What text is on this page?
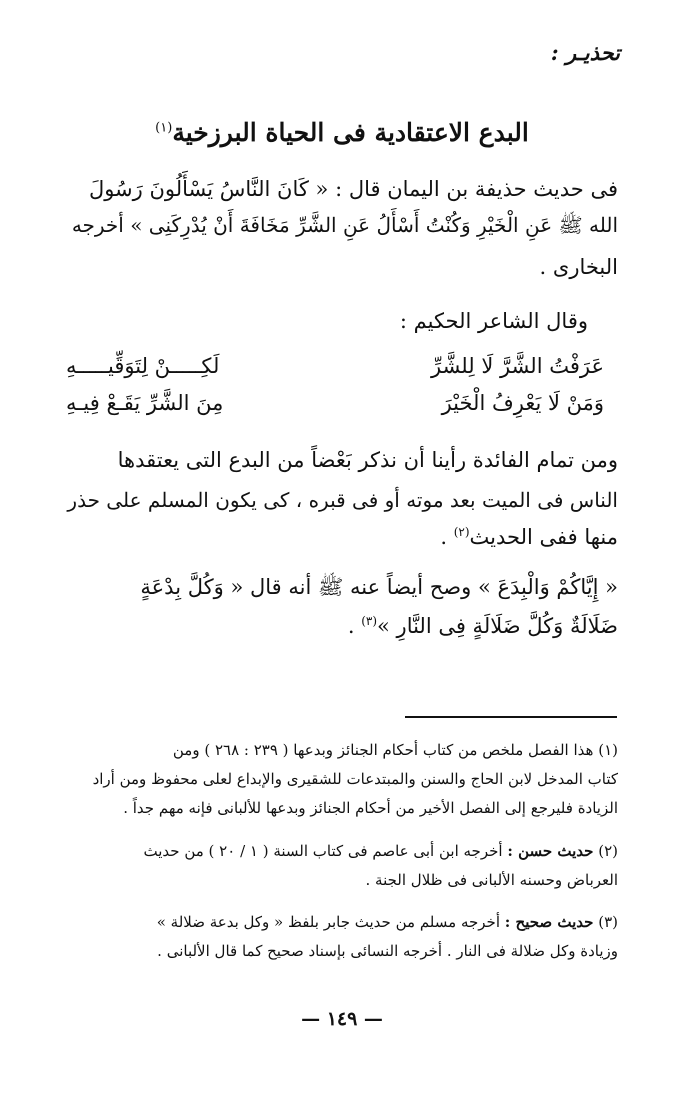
تحذيـر :
البدع الاعتقادية فى الحياة البرزخية$^{(١)}$
فى حديث حذيفة بن اليمان قال : « كَانَ النَّاسُ يَسْأَلُونَ رَسُولَ
الله ﷺ عَنِ الْخَيْرِ وَكُنْتُ أَسْأَلُ عَنِ الشَّرِّ مَخَافَةَ أَنْ يُدْرِكَنِى » أخرجه
البخارى .
وقال الشاعر الحكيم :
عَرَفْتُ الشَّرَّ لَا لِلشَّرِّ
لَكِـــــنْ لِتَوَقِّيـــــهِ
وَمَنْ لَا يَعْرِفُ الْخَيْرَ
مِنَ الشَّرِّ يَقَـعْ فِيـهِ
ومن تمام الفائدة رأينا أن نذكر بَعْضاً من البدع التى يعتقدها
الناس فى الميت بعد موته أو فى قبره ، كى يكون المسلم على حذر
منها ففى الحديث$^{(٢)}$ .
« إِيَّاكُمْ وَالْبِدَعَ » وصح أيضاً عنه ﷺ أنه قال « وَكُلَّ بِدْعَةٍ
ضَلَالَةٌ وَكُلَّ ضَلَالَةٍ فِى النَّارِ »$^{(٣)}$ .
(١) هذا الفصل ملخص من كتاب أحكام الجنائز وبدعها ( ٢٣٩ : ٢٦٨ ) ومن
كتاب المدخل لابن الحاج والسنن والمبتدعات للشقيرى والإبداع لعلى محفوظ ومن أراد
الزيادة فليرجع إلى الفصل الأخير من أحكام الجنائز وبدعها للألبانى فإنه مهم جداً .
(٢) حديث حسن : أخرجه ابن أبى عاصم فى كتاب السنة ( ١ / ٢٠ ) من حديث
العرباض وحسنه الألبانى فى ظلال الجنة .
(٣) حديث صحيح : أخرجه مسلم من حديث جابر بلفظ « وكل بدعة ضلالة »
وزيادة وكل ضلالة فى النار . أخرجه النسائى بإسناد صحيح كما قال الألبانى .
— ١٤٩ —
